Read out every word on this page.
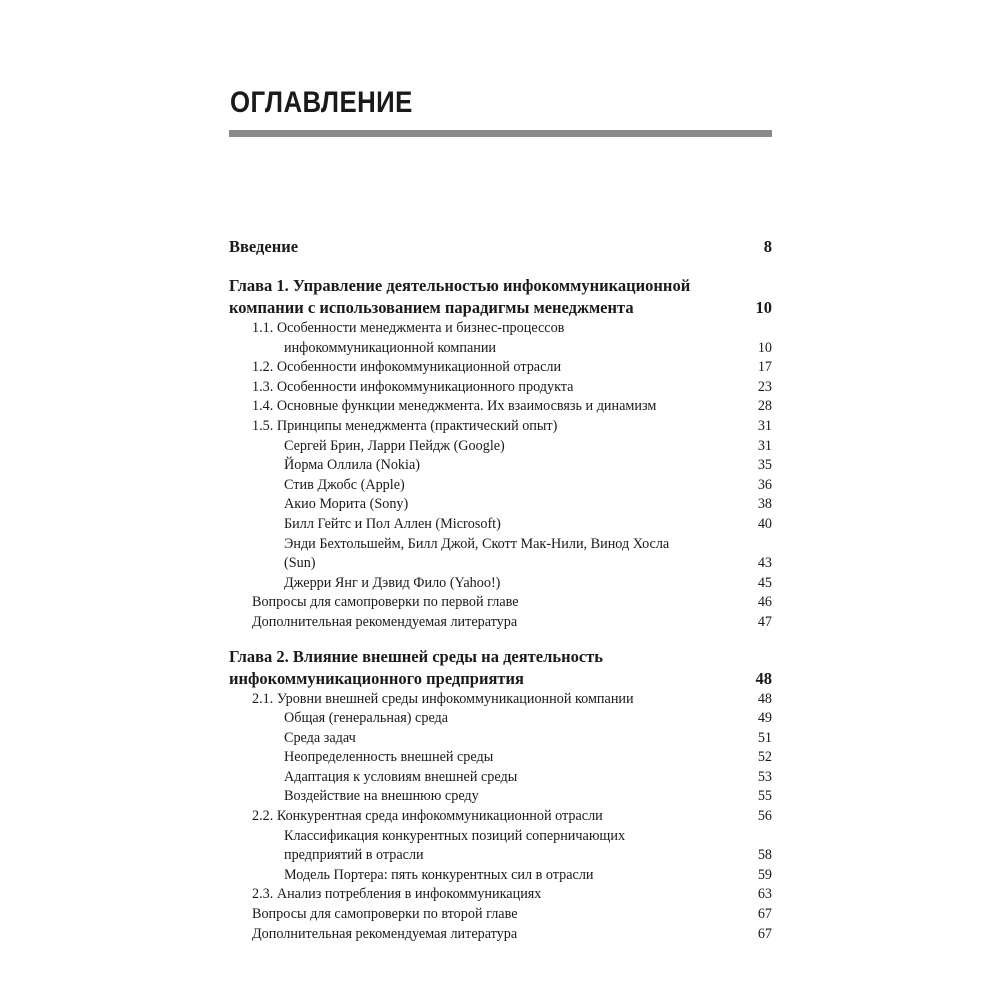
ОГЛАВЛЕНИЕ
Введение	8
Глава 1. Управление деятельностью инфокоммуникационной
компании с использованием парадигмы менеджмента	10
1.1. Особенности менеджмента и бизнес-процессов
инфокоммуникационной компании	10
1.2. Особенности инфокоммуникационной отрасли	17
1.3. Особенности инфокоммуникационного продукта	23
1.4. Основные функции менеджмента. Их взаимосвязь и динамизм	28
1.5. Принципы менеджмента (практический опыт)	31
Сергей Брин, Ларри Пейдж (Google)	31
Йорма Оллила (Nokia)	35
Стив Джобс (Apple)	36
Акио Морита (Sony)	38
Билл Гейтс и Пол Аллен (Microsoft)	40
Энди Бехтольшейм, Билл Джой, Скотт Мак-Нили, Винод Хосла
(Sun)	43
Джерри Янг и Дэвид Фило (Yahoo!)	45
Вопросы для самопроверки по первой главе	46
Дополнительная рекомендуемая литература	47
Глава 2. Влияние внешней среды на деятельность
инфокоммуникационного предприятия	48
2.1. Уровни внешней среды инфокоммуникационной компании	48
Общая (генеральная) среда	49
Среда задач	51
Неопределенность внешней среды	52
Адаптация к условиям внешней среды	53
Воздействие на внешнюю среду	55
2.2. Конкурентная среда инфокоммуникационной отрасли	56
Классификация конкурентных позиций соперничающих
предприятий в отрасли	58
Модель Портера: пять конкурентных сил в отрасли	59
2.3. Анализ потребления в инфокоммуникациях	63
Вопросы для самопроверки по второй главе	67
Дополнительная рекомендуемая литература	67
